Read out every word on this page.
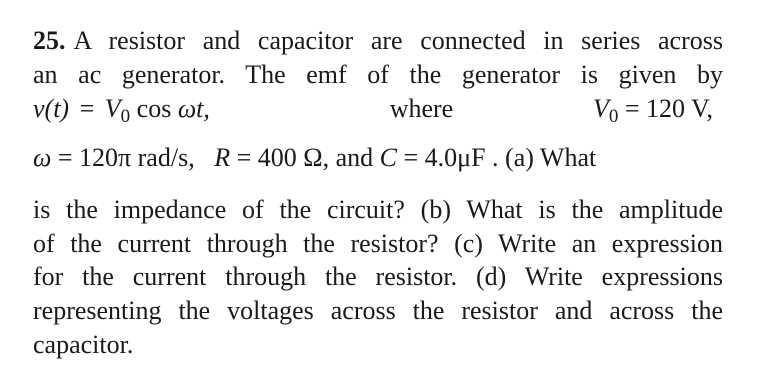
25. A resistor and capacitor are connected in series across
an ac generator. The emf of the generator is given by
$v(t) = V_0$ cos ωt,	where	$V_0 = 120$ V,
ω = 120π rad/s, R = 400 Ω, and C = 4.0μF . (a) What
is the impedance of the circuit? (b) What is the amplitude
of the current through the resistor? (c) Write an expression
for the current through the resistor. (d) Write expressions
representing the voltages across the resistor and across the
capacitor.
